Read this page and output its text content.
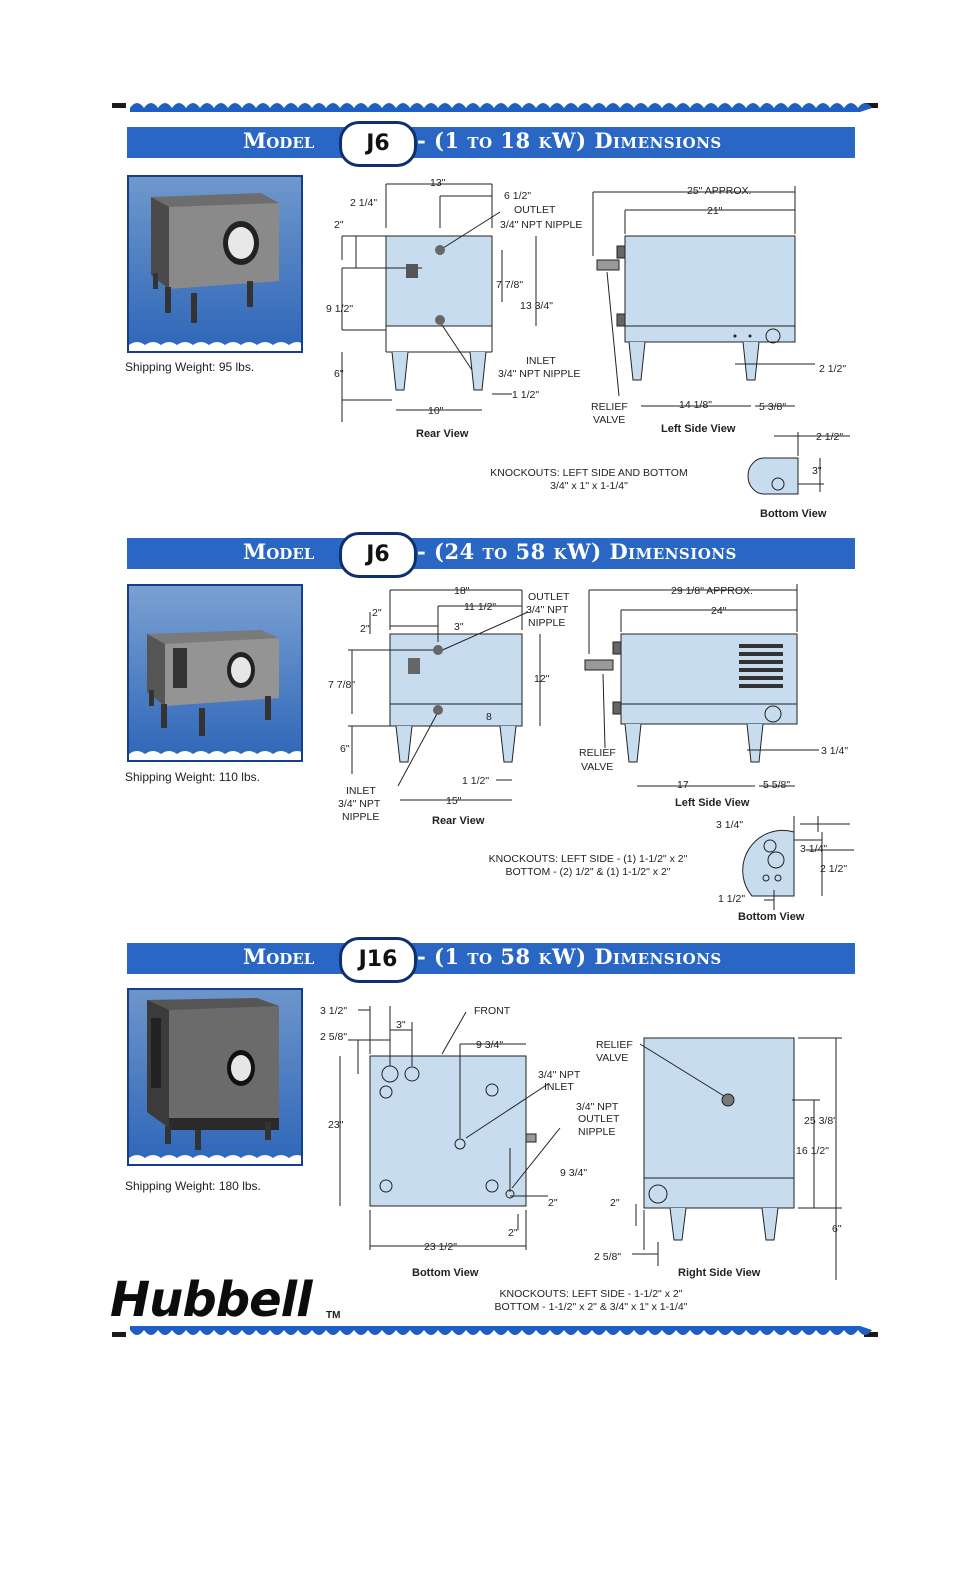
Model	J6	- (1 to 18 kW) Dimensions
Shipping Weight: 95 lbs.
13"
6 1/2"
OUTLET
3/4" NPT NIPPLE
2 1/4"
2"
7 7/8"
13 3/4"
9 1/2"
6"
10"
1 1/2"
INLET
3/4" NPT NIPPLE
Rear View
25" APPROX.
21"
14 1/8"	5 3/8"
2 1/2"
RELIEF
VALVE
Left Side View
2 1/2"
3"
Bottom View
KNOCKOUTS: LEFT SIDE AND BOTTOM
3/4" x 1" x 1-1/4"
Model	J6	- (24 to 58 kW) Dimensions
Shipping Weight: 110 lbs.
18"
11 1/2"
2"
2"	3"
7 7/8"	12"
8
6"
1 1/2"
15"
OUTLET
3/4" NPT
NIPPLE
INLET
3/4" NPT
NIPPLE	Rear View
29 1/8" APPROX.
24"
17	5 5/8"
3 1/4"
RELIEF
VALVE
Left Side View
3 1/4"
3 1/4"
2 1/2"
1 1/2"
Bottom View
KNOCKOUTS: LEFT SIDE - (1) 1-1/2" x 2"
BOTTOM - (2) 1/2" & (1) 1-1/2" x 2"
Model	J16 - (1 to 58 kW) Dimensions
Shipping Weight: 180 lbs.
3 1/2"
3"
2 5/8"
23"
9 3/4"
9 3/4"
2"
2"
23 1/2"
FRONT
3/4" NPT
INLET
3/4" NPT
OUTLET
NIPPLE
Bottom View
RELIEF
VALVE
25 3/8"
16 1/2"
6"
2"
2 5/8"
Right Side View
KNOCKOUTS: LEFT SIDE - 1-1/2" x 2"
BOTTOM - 1-1/2" x 2" & 3/4" x 1" x 1-1/4"
Hubbell TM
